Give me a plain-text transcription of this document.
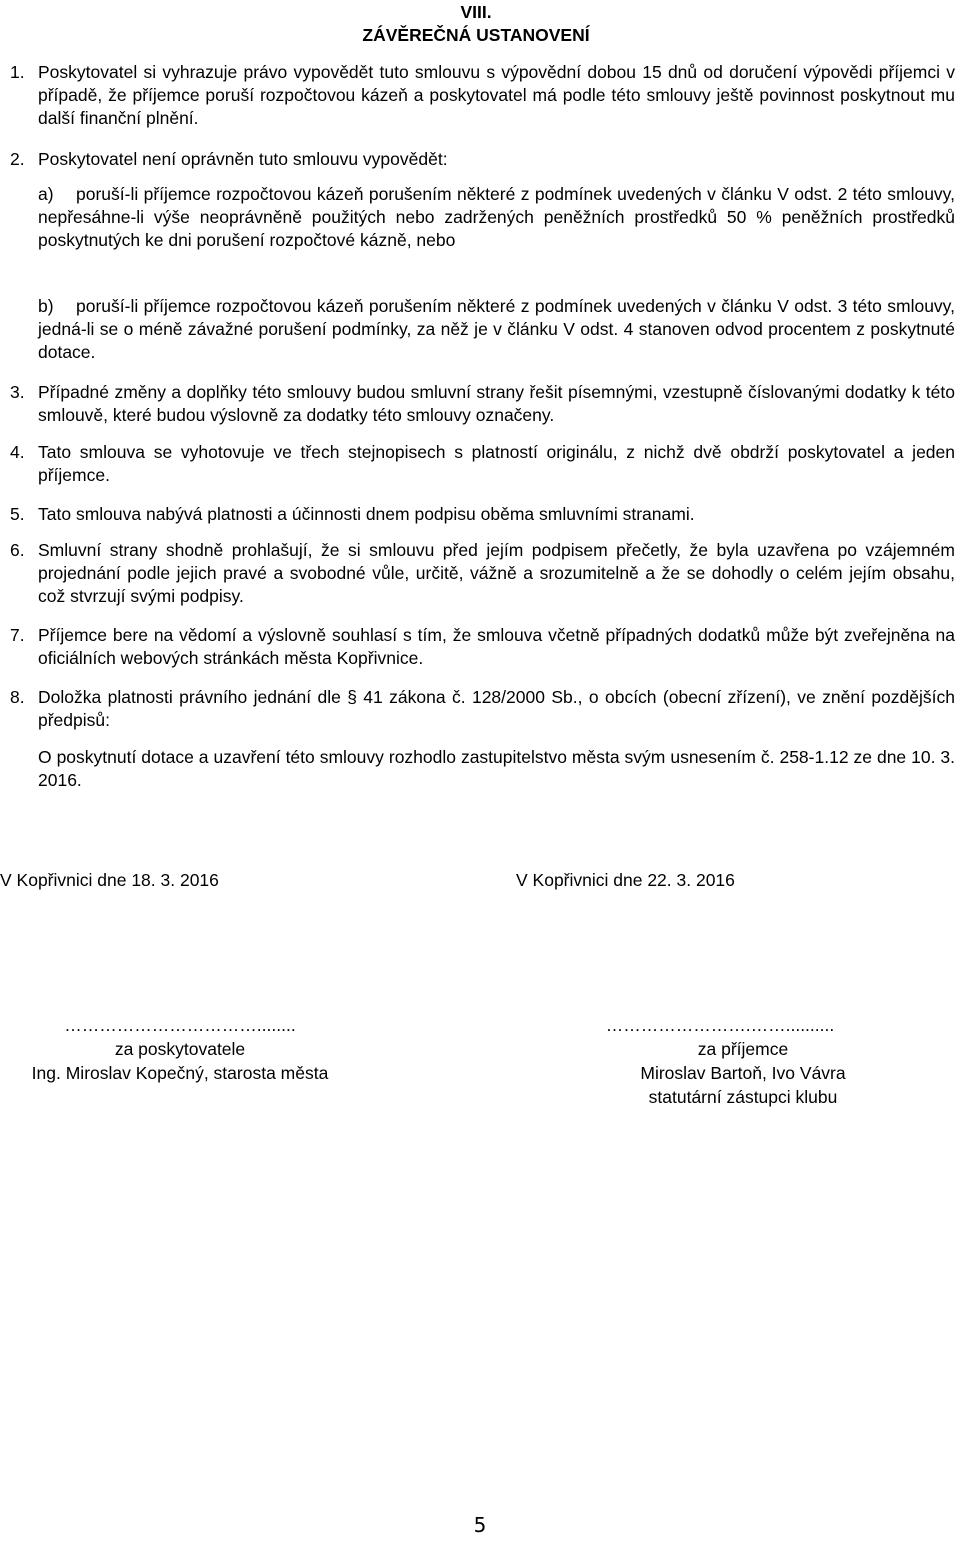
VIII.
ZÁVĚREČNÁ USTANOVENÍ
1. Poskytovatel si vyhrazuje právo vypovědět tuto smlouvu s výpovědní dobou 15 dnů od doručení výpovědi příjemci v případě, že příjemce poruší rozpočtovou kázeň a poskytovatel má podle této smlouvy ještě povinnost poskytnout mu další finanční plnění.
2. Poskytovatel není oprávněn tuto smlouvu vypovědět:
a)	poruší-li příjemce rozpočtovou kázeň porušením některé z podmínek uvedených v článku V odst. 2 této smlouvy, nepřesáhne-li výše neoprávněně použitých nebo zadržených peněžních prostředků 50 % peněžních prostředků poskytnutých ke dni porušení rozpočtové kázně, nebo
b)	poruší-li příjemce rozpočtovou kázeň porušením některé z podmínek uvedených v článku V odst. 3 této smlouvy, jedná-li se o méně závažné porušení podmínky, za něž je v článku V odst. 4 stanoven odvod procentem z poskytnuté dotace.
3. Případné změny a doplňky této smlouvy budou smluvní strany řešit písemnými, vzestupně číslovanými dodatky k této smlouvě, které budou výslovně za dodatky této smlouvy označeny.
4. Tato smlouva se vyhotovuje ve třech stejnopisech s platností originálu, z nichž dvě obdrží poskytovatel a jeden příjemce.
5. Tato smlouva nabývá platnosti a účinnosti dnem podpisu oběma smluvními stranami.
6. Smluvní strany shodně prohlašují, že si smlouvu před jejím podpisem přečetly, že byla uzavřena po vzájemném projednání podle jejich pravé a svobodné vůle, určitě, vážně a srozumitelně a že se dohodly o celém jejím obsahu, což stvrzují svými podpisy.
7. Příjemce bere na vědomí a výslovně souhlasí s tím, že smlouva včetně případných dodatků může být zveřejněna na oficiálních webových stránkách města Kopřivnice.
8. Doložka platnosti právního jednání dle § 41 zákona č. 128/2000 Sb., o obcích (obecní zřízení), ve znění pozdějších předpisů:
O poskytnutí dotace a uzavření této smlouvy rozhodlo zastupitelstvo města svým usnesením č. 258-1.12 ze dne 10. 3. 2016.
V Kopřivnici dne 18. 3. 2016	V Kopřivnici dne 22. 3. 2016
……………………………........
za poskytovatele
Ing. Miroslav Kopečný, starosta města
…………………….……..........
za příjemce
Miroslav Bartoň, Ivo Vávra
statutární zástupci klubu
5
